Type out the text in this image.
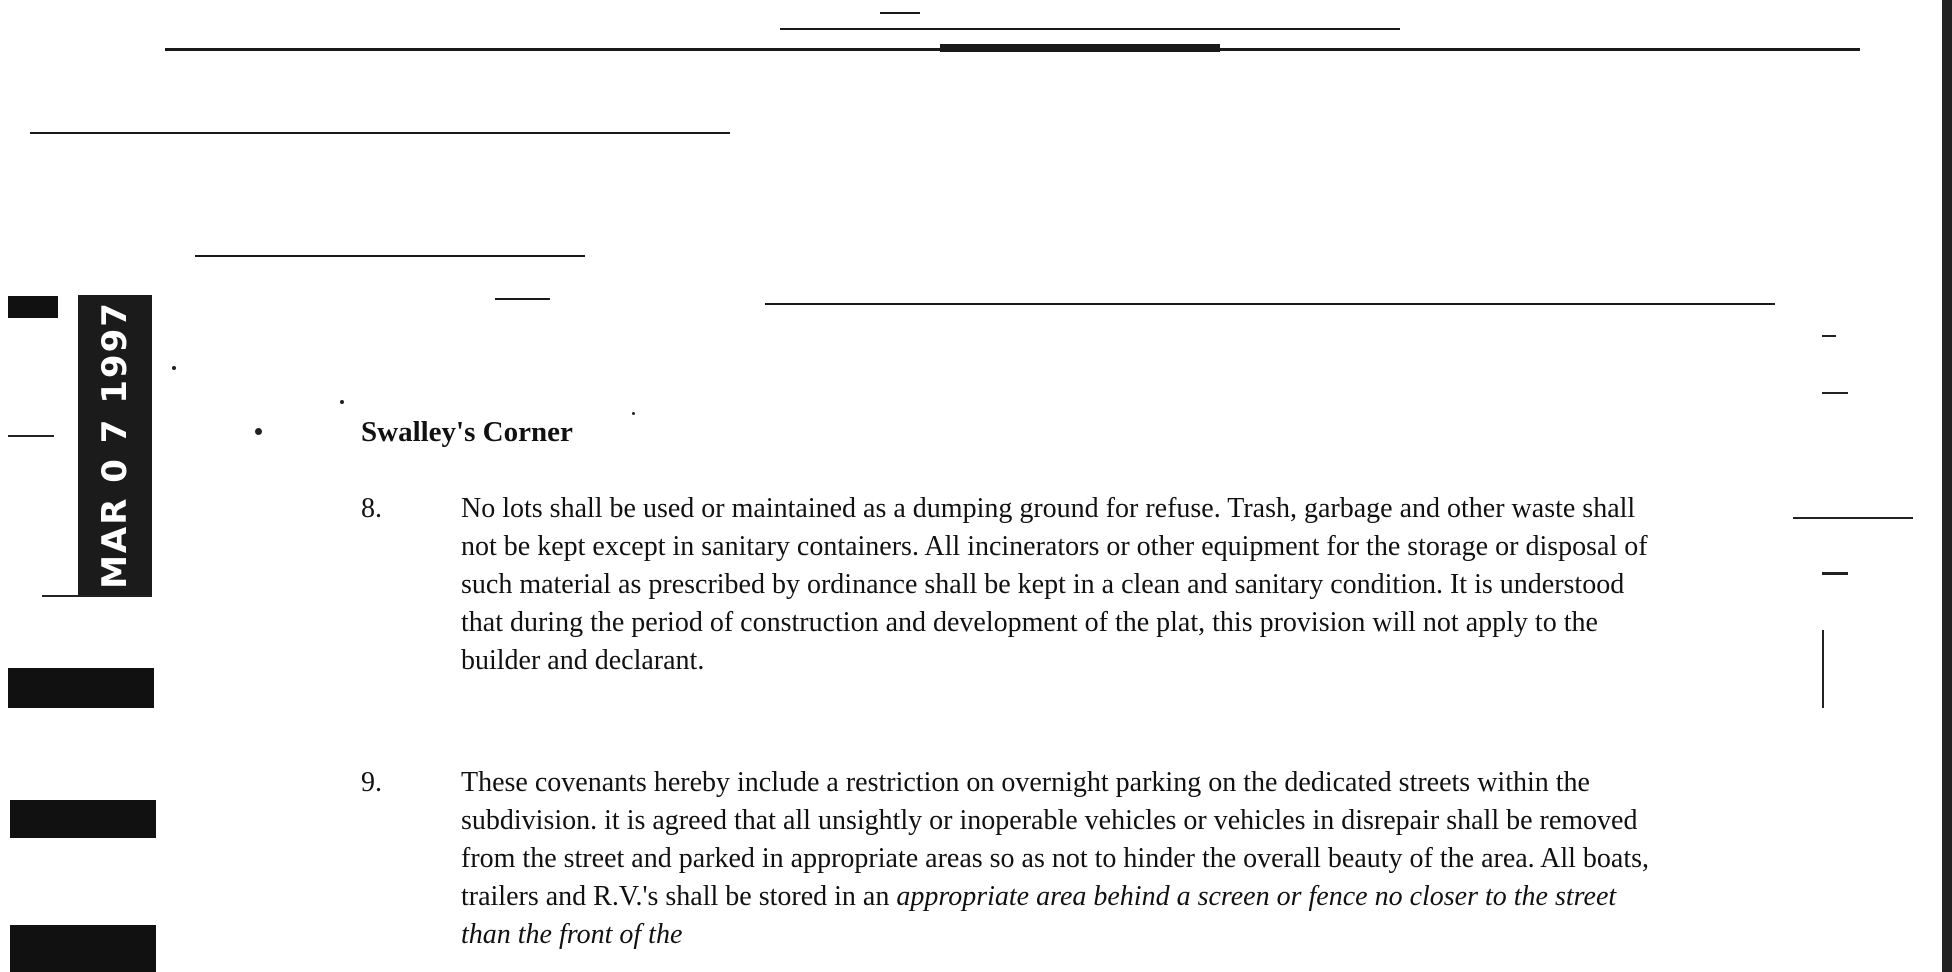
MAR 0 7 1997	Swalley's Corner
8.	No lots shall be used or maintained as a dumping ground for refuse. Trash, garbage and other waste shall not be kept except in sanitary containers. All incinerators or other equipment for the storage or disposal of such material as prescribed by ordinance shall be kept in a clean and sanitary condition. It is understood that during the period of construction and development of the plat, this provision will not apply to the builder and declarant.
9.	These covenants hereby include a restriction on overnight parking on the dedicated streets within the subdivision. it is agreed that all unsightly or inoperable vehicles or vehicles in disrepair shall be removed from the street and parked in appropriate areas so as not to hinder the overall beauty of the area. All boats, trailers and R.V.'s shall be stored in an appropriate area behind a screen or fence no closer to the street than the front of the
